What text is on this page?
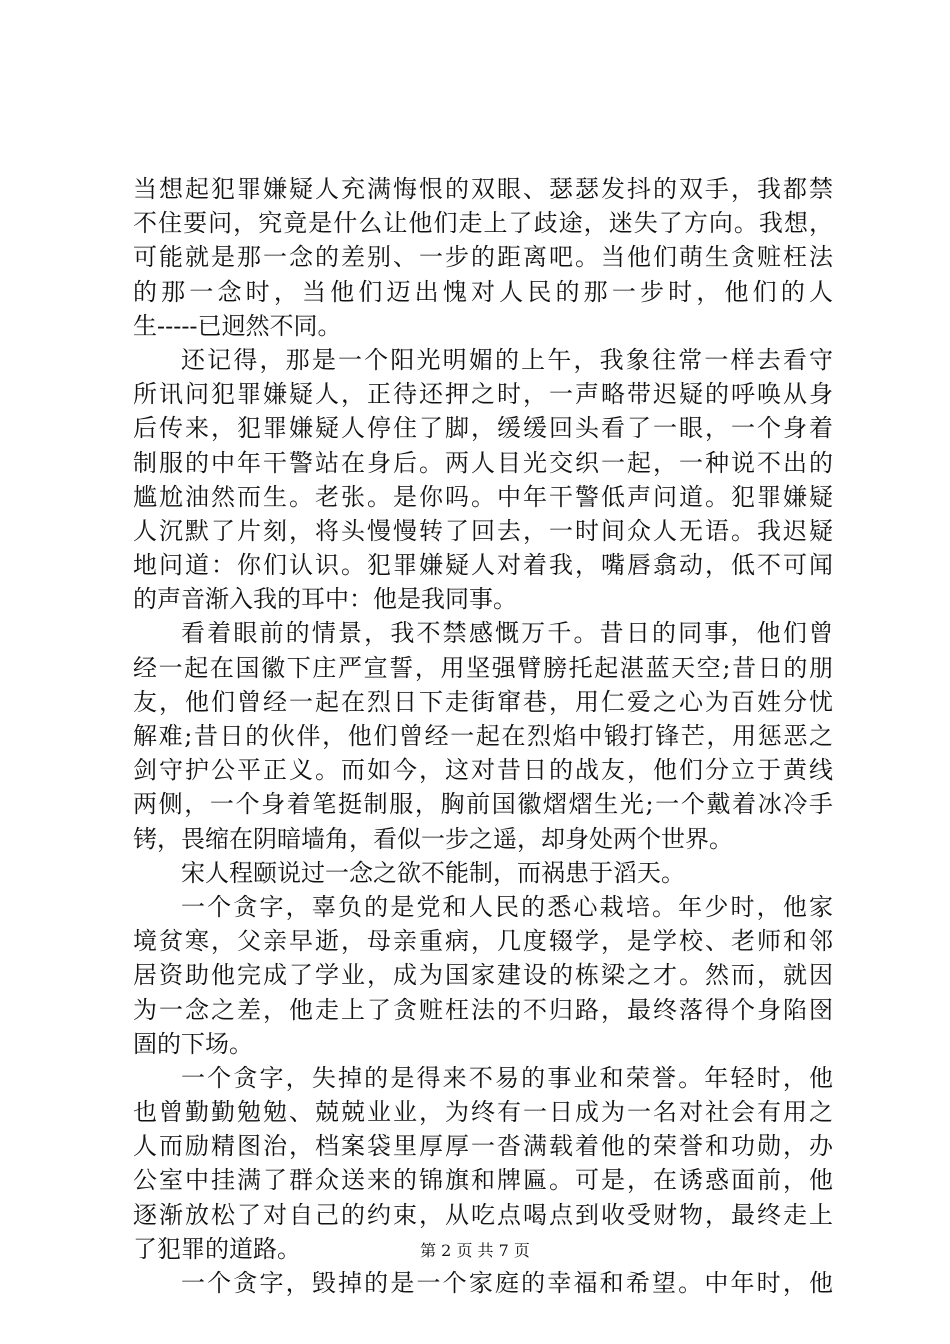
当想起犯罪嫌疑人充满悔恨的双眼、瑟瑟发抖的双手，我都禁
不住要问，究竟是什么让他们走上了歧途，迷失了方向。我想，
可能就是那一念的差别、一步的距离吧。当他们萌生贪赃枉法
的那一念时，当他们迈出愧对人民的那一步时，他们的人
生-----已迥然不同。
还记得，那是一个阳光明媚的上午，我象往常一样去看守
所讯问犯罪嫌疑人，正待还押之时，一声略带迟疑的呼唤从身
后传来，犯罪嫌疑人停住了脚，缓缓回头看了一眼，一个身着
制服的中年干警站在身后。两人目光交织一起，一种说不出的
尴尬油然而生。老张。是你吗。中年干警低声问道。犯罪嫌疑
人沉默了片刻，将头慢慢转了回去，一时间众人无语。我迟疑
地问道：你们认识。犯罪嫌疑人对着我，嘴唇翕动，低不可闻
的声音渐入我的耳中：他是我同事。
看着眼前的情景，我不禁感慨万千。昔日的同事，他们曾
经一起在国徽下庄严宣誓，用坚强臂膀托起湛蓝天空;昔日的朋
友，他们曾经一起在烈日下走街窜巷，用仁爱之心为百姓分忧
解难;昔日的伙伴，他们曾经一起在烈焰中锻打锋芒，用惩恶之
剑守护公平正义。而如今，这对昔日的战友，他们分立于黄线
两侧，一个身着笔挺制服，胸前国徽熠熠生光;一个戴着冰冷手
铐，畏缩在阴暗墙角，看似一步之遥，却身处两个世界。
宋人程颐说过一念之欲不能制，而祸患于滔天。
一个贪字，辜负的是党和人民的悉心栽培。年少时，他家
境贫寒，父亲早逝，母亲重病，几度辍学，是学校、老师和邻
居资助他完成了学业，成为国家建设的栋梁之才。然而，就因
为一念之差，他走上了贪赃枉法的不归路，最终落得个身陷囹
圄的下场。
一个贪字，失掉的是得来不易的事业和荣誉。年轻时，他
也曾勤勤勉勉、兢兢业业，为终有一日成为一名对社会有用之
人而励精图治，档案袋里厚厚一沓满载着他的荣誉和功勋，办
公室中挂满了群众送来的锦旗和牌匾。可是，在诱惑面前，他
逐渐放松了对自己的约束，从吃点喝点到收受财物，最终走上
了犯罪的道路。
一个贪字，毁掉的是一个家庭的幸福和希望。中年时，他
第 2 页 共 7 页
